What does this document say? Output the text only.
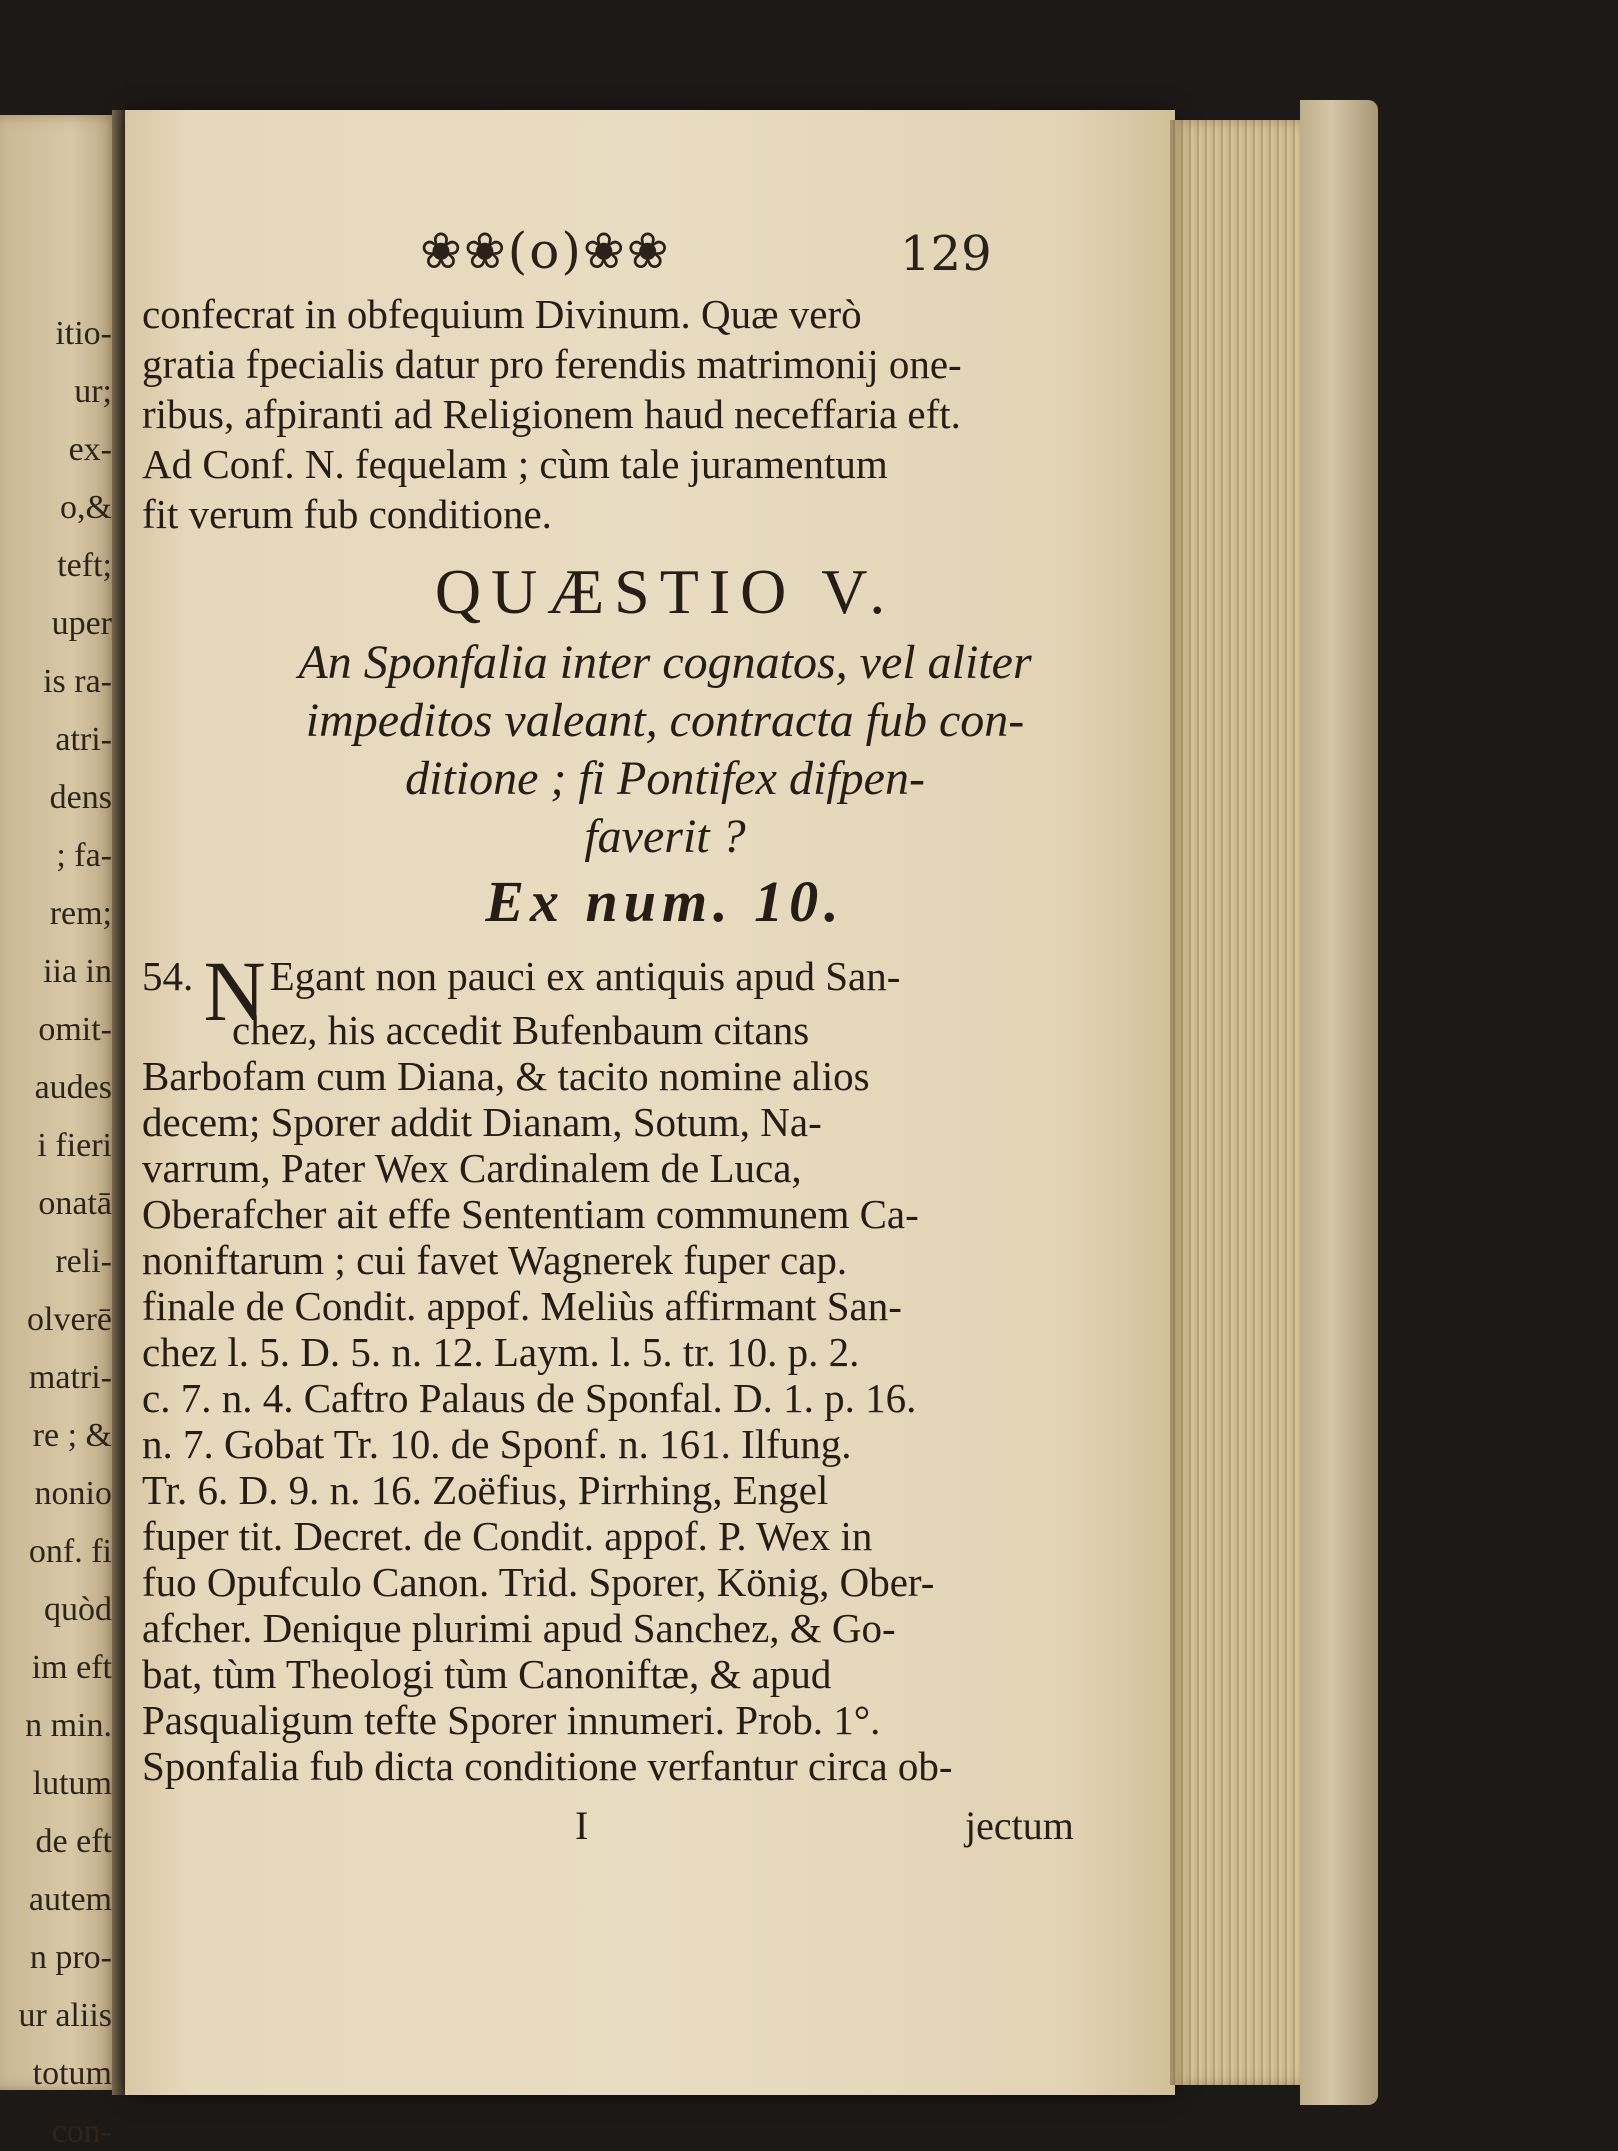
itio-
ur;
ex-
o,&
teft;
uper
is ra-
atri-
dens
; fa-
rem;
iia in
omit-
audes
i fieri
onatā
reli-
olverē
matri-
re ; &
nonio
onf. fi
quòd
im eft
n min.
lutum
de eft
autem
n pro-
ur aliis
totum
con-
❀❀(o)❀❀	129
confecrat in obfequium Divinum. Quæ verò
gratia fpecialis datur pro ferendis matrimonij one-
ribus, afpiranti ad Religionem haud neceffaria eft.
Ad Conf. N. fequelam ; cùm tale juramentum
fit verum fub conditione.
QUÆSTIO V.
An Sponfalia inter cognatos, vel aliter
impeditos valeant, contracta fub con-
ditione ; fi Pontifex difpen-
faverit ?
Ex num. 10.
54. NEgant non pauci ex antiquis apud San-
chez, his accedit Bufenbaum citans
Barbofam cum Diana, & tacito nomine alios
decem; Sporer addit Dianam, Sotum, Na-
varrum, Pater Wex Cardinalem de Luca,
Oberafcher ait effe Sententiam communem Ca-
noniftarum ; cui favet Wagnerek fuper cap.
finale de Condit. appof. Meliùs affirmant San-
chez l. 5. D. 5. n. 12. Laym. l. 5. tr. 10. p. 2.
c. 7. n. 4. Caftro Palaus de Sponfal. D. 1. p. 16.
n. 7. Gobat Tr. 10. de Sponf. n. 161. Ilfung.
Tr. 6. D. 9. n. 16. Zoëfius, Pirrhing, Engel
fuper tit. Decret. de Condit. appof. P. Wex in
fuo Opufculo Canon. Trid. Sporer, König, Ober-
afcher. Denique plurimi apud Sanchez, & Go-
bat, tùm Theologi tùm Canoniftæ, & apud
Pasqualigum tefte Sporer innumeri. Prob. 1°.
Sponfalia fub dicta conditione verfantur circa ob-
I	jectum
